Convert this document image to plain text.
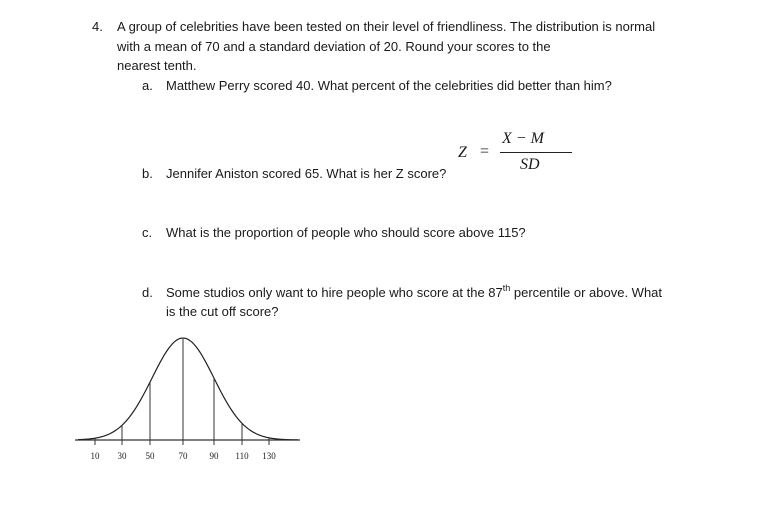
4. A group of celebrities have been tested on their level of friendliness. The distribution is normal
with a mean of 70 and a standard deviation of 20. Round your scores to the
nearest tenth.
a. Matthew Perry scored 40. What percent of the celebrities did better than him?
Z =
X − M
SD
b. Jennifer Aniston scored 65. What is her Z score?
c. What is the proportion of people who should score above 115?
d. Some studios only want to hire people who score at the 87th percentile or above. What
is the cut off score?
10 30 50	70 90 110 130
